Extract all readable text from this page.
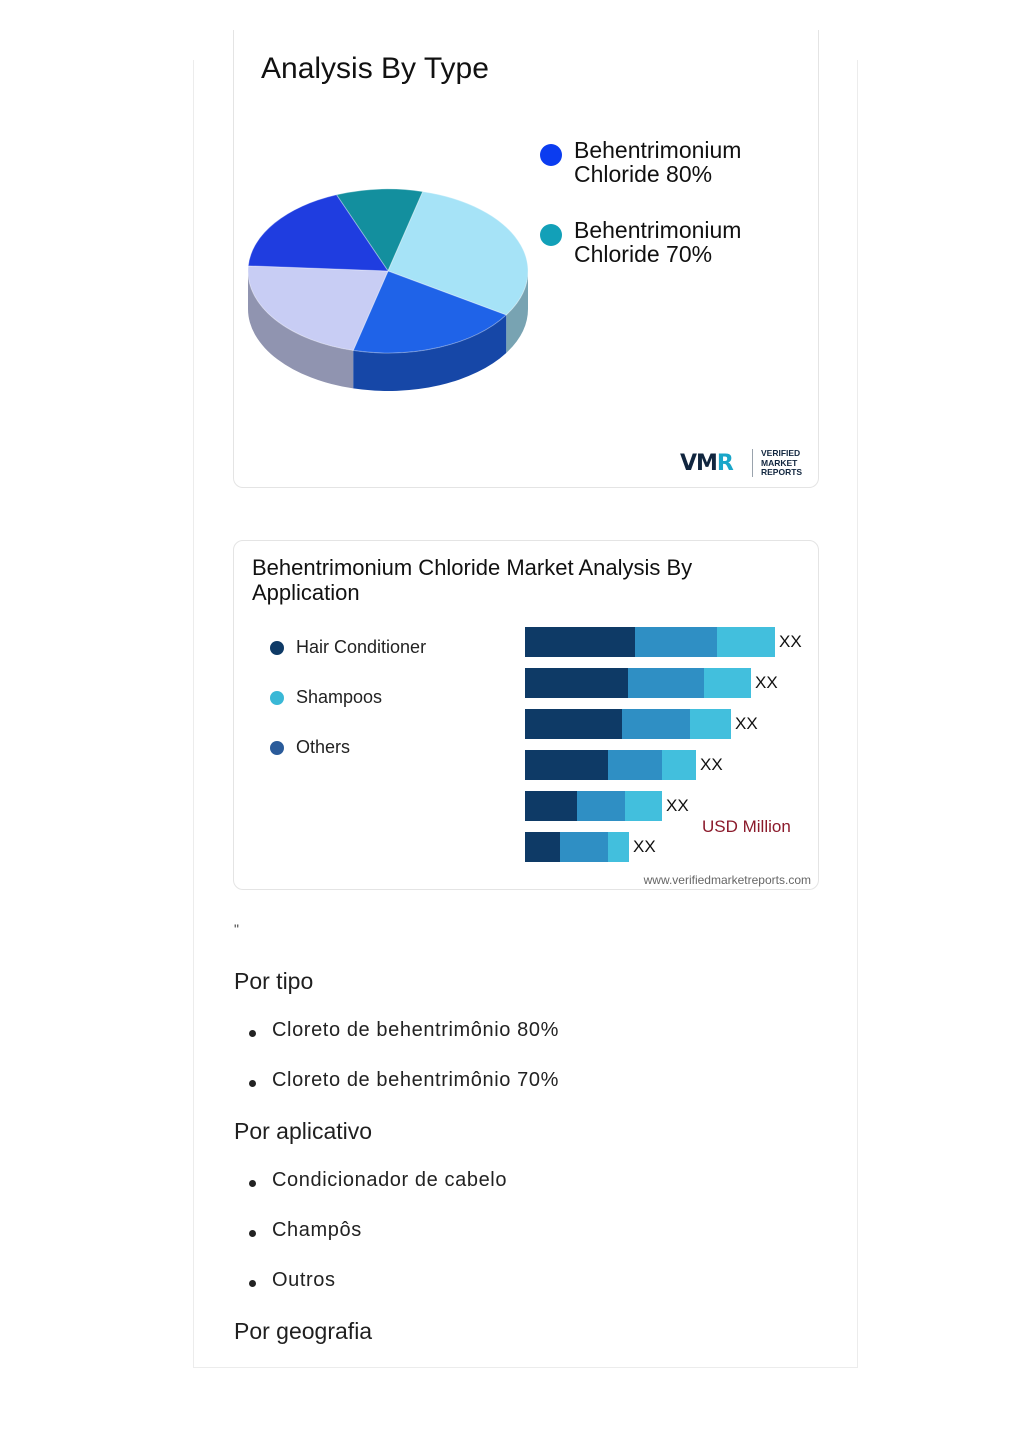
Analysis By Type
Behentrimonium Chloride 80%
Behentrimonium Chloride 70%
VMR	VERIFIED
MARKET
REPORTS
Behentrimonium Chloride Market Analysis By Application
Hair Conditioner
Shampoos
Others
XX
XX
XX
XX
XX
XX
USD Million
www.verifiedmarketreports.com
"
Por tipo
Cloreto de behentrimônio 80%
Cloreto de behentrimônio 70%
Por aplicativo
Condicionador de cabelo
Champôs
Outros
Por geografia
